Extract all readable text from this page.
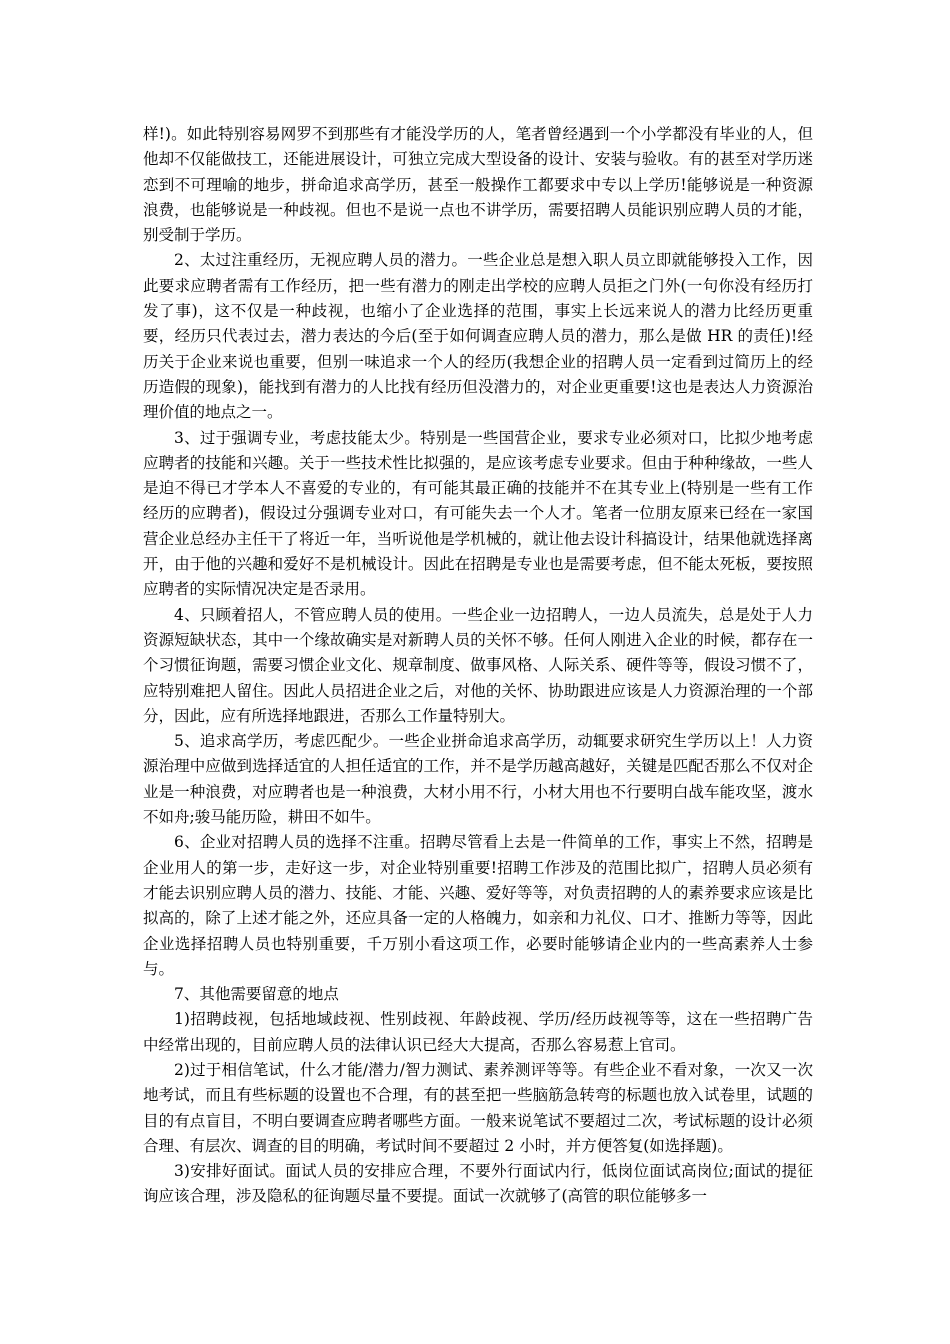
样!)。如此特别容易网罗不到那些有才能没学历的人，笔者曾经遇到一个小学都没有毕业的人，但他却不仅能做技工，还能进展设计，可独立完成大型设备的设计、安装与验收。有的甚至对学历迷恋到不可理喻的地步，拼命追求高学历，甚至一般操作工都要求中专以上学历!能够说是一种资源浪费，也能够说是一种歧视。但也不是说一点也不讲学历，需要招聘人员能识别应聘人员的才能，别受制于学历。

2、太过注重经历，无视应聘人员的潜力。一些企业总是想入职人员立即就能够投入工作，因此要求应聘者需有工作经历，把一些有潜力的刚走出学校的应聘人员拒之门外(一句你没有经历打发了事)，这不仅是一种歧视，也缩小了企业选择的范围，事实上长远来说人的潜力比经历更重要，经历只代表过去，潜力表达的今后(至于如何调查应聘人员的潜力，那么是做 HR 的责任)!经历关于企业来说也重要，但别一味追求一个人的经历(我想企业的招聘人员一定看到过简历上的经历造假的现象)，能找到有潜力的人比找有经历但没潜力的，对企业更重要!这也是表达人力资源治理价值的地点之一。

3、过于强调专业，考虑技能太少。特别是一些国营企业，要求专业必须对口，比拟少地考虑应聘者的技能和兴趣。关于一些技术性比拟强的，是应该考虑专业要求。但由于种种缘故，一些人是迫不得已才学本人不喜爱的专业的，有可能其最正确的技能并不在其专业上(特别是一些有工作经历的应聘者)，假设过分强调专业对口，有可能失去一个人才。笔者一位朋友原来已经在一家国营企业总经办主任干了将近一年，当听说他是学机械的，就让他去设计科搞设计，结果他就选择离开，由于他的兴趣和爱好不是机械设计。因此在招聘是专业也是需要考虑，但不能太死板，要按照应聘者的实际情况决定是否录用。

4、只顾着招人，不管应聘人员的使用。一些企业一边招聘人，一边人员流失，总是处于人力资源短缺状态，其中一个缘故确实是对新聘人员的关怀不够。任何人刚进入企业的时候，都存在一个习惯征询题，需要习惯企业文化、规章制度、做事风格、人际关系、硬件等等，假设习惯不了，应特别难把人留住。因此人员招进企业之后，对他的关怀、协助跟进应该是人力资源治理的一个部分，因此，应有所选择地跟进，否那么工作量特别大。

5、追求高学历，考虑匹配少。一些企业拼命追求高学历，动辄要求研究生学历以上！人力资源治理中应做到选择适宜的人担任适宜的工作，并不是学历越高越好，关键是匹配否那么不仅对企业是一种浪费，对应聘者也是一种浪费，大材小用不行，小材大用也不行要明白战车能攻坚，渡水不如舟;骏马能历险，耕田不如牛。

6、企业对招聘人员的选择不注重。招聘尽管看上去是一件简单的工作，事实上不然，招聘是企业用人的第一步，走好这一步，对企业特别重要!招聘工作涉及的范围比拟广，招聘人员必须有才能去识别应聘人员的潜力、技能、才能、兴趣、爱好等等，对负责招聘的人的素养要求应该是比拟高的，除了上述才能之外，还应具备一定的人格魄力，如亲和力礼仪、口才、推断力等等，因此企业选择招聘人员也特别重要，千万别小看这项工作，必要时能够请企业内的一些高素养人士参与。

7、其他需要留意的地点

1)招聘歧视，包括地域歧视、性别歧视、年龄歧视、学历/经历歧视等等，这在一些招聘广告中经常出现的，目前应聘人员的法律认识已经大大提高，否那么容易惹上官司。

2)过于相信笔试，什么才能/潜力/智力测试、素养测评等等。有些企业不看对象，一次又一次地考试，而且有些标题的设置也不合理，有的甚至把一些脑筋急转弯的标题也放入试卷里，试题的目的有点盲目，不明白要调查应聘者哪些方面。一般来说笔试不要超过二次，考试标题的设计必须合理、有层次、调查的目的明确，考试时间不要超过 2 小时，并方便答复(如选择题)。

3)安排好面试。面试人员的安排应合理，不要外行面试内行，低岗位面试高岗位;面试的提征询应该合理，涉及隐私的征询题尽量不要提。面试一次就够了(高管的职位能够多一
